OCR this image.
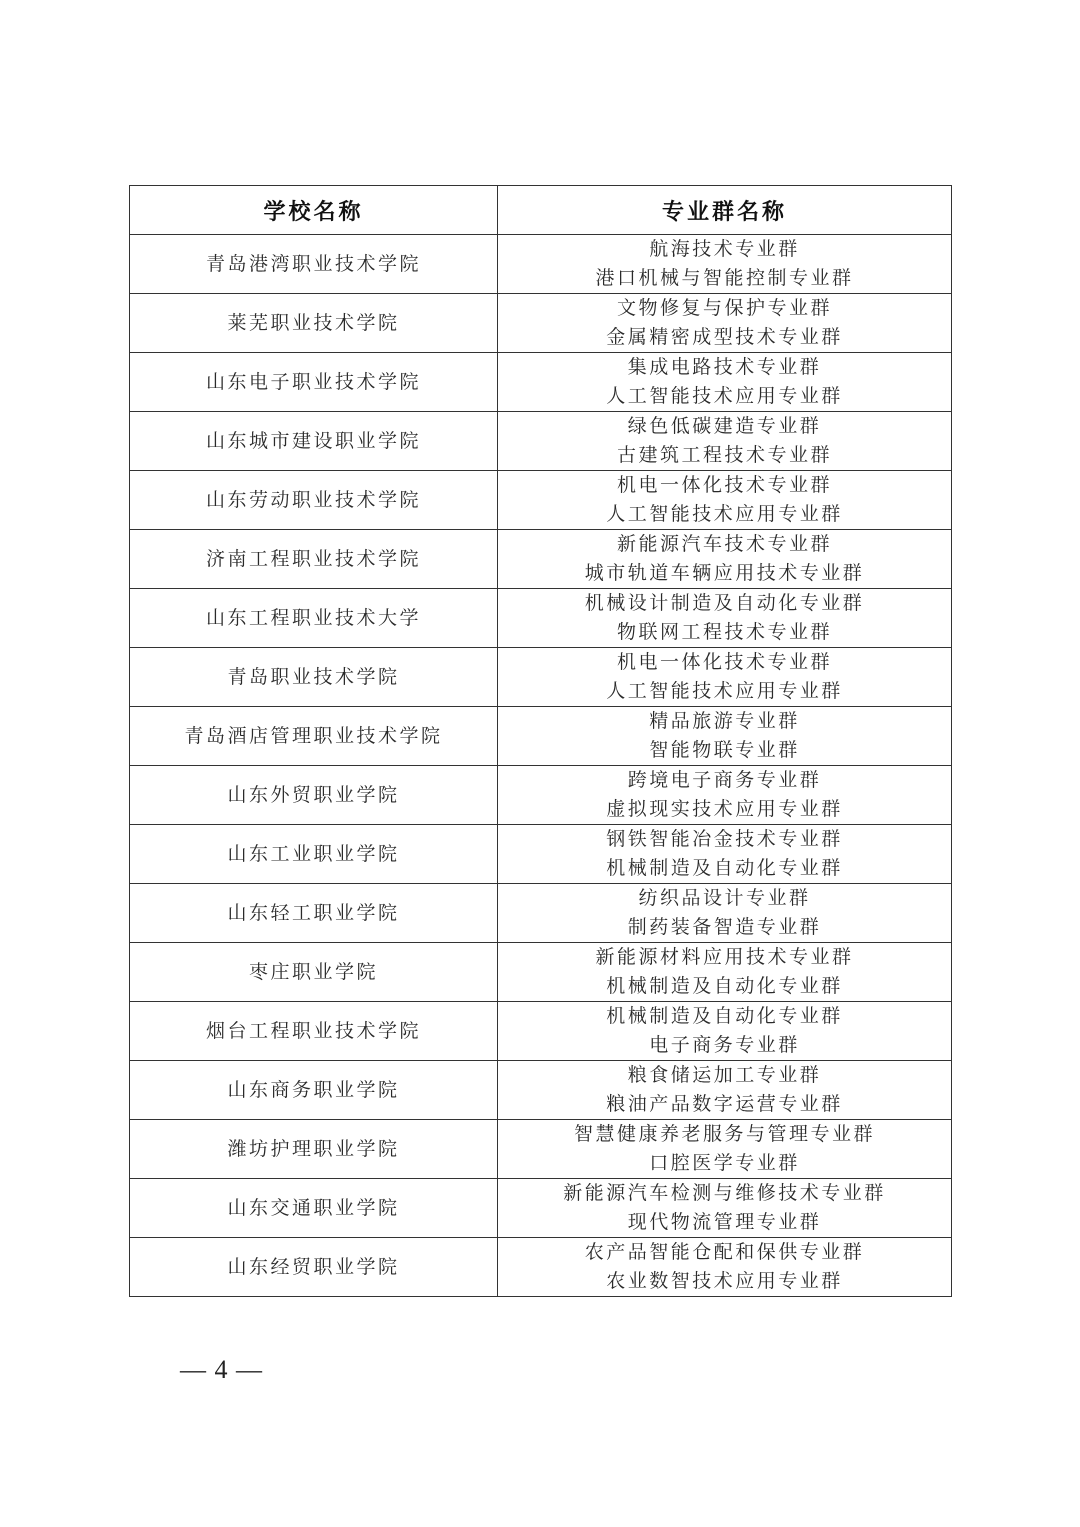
学校名称	专业群名称
青岛港湾职业技术学院	航海技术专业群
港口机械与智能控制专业群

莱芜职业技术学院	文物修复与保护专业群
金属精密成型技术专业群

山东电子职业技术学院	集成电路技术专业群
人工智能技术应用专业群

山东城市建设职业学院	绿色低碳建造专业群
古建筑工程技术专业群

山东劳动职业技术学院	机电一体化技术专业群
人工智能技术应用专业群

济南工程职业技术学院	新能源汽车技术专业群
城市轨道车辆应用技术专业群

山东工程职业技术大学	机械设计制造及自动化专业群
物联网工程技术专业群

青岛职业技术学院	机电一体化技术专业群
人工智能技术应用专业群

青岛酒店管理职业技术学院	精品旅游专业群
智能物联专业群

山东外贸职业学院	跨境电子商务专业群
虚拟现实技术应用专业群

山东工业职业学院	钢铁智能冶金技术专业群
机械制造及自动化专业群

山东轻工职业学院	纺织品设计专业群
制药装备智造专业群

枣庄职业学院	新能源材料应用技术专业群
机械制造及自动化专业群

烟台工程职业技术学院	机械制造及自动化专业群
电子商务专业群

山东商务职业学院	粮食储运加工专业群
粮油产品数字运营专业群

潍坊护理职业学院	智慧健康养老服务与管理专业群
口腔医学专业群

山东交通职业学院	新能源汽车检测与维修技术专业群
现代物流管理专业群

山东经贸职业学院	农产品智能仓配和保供专业群
农业数智技术应用专业群
— 4 —
